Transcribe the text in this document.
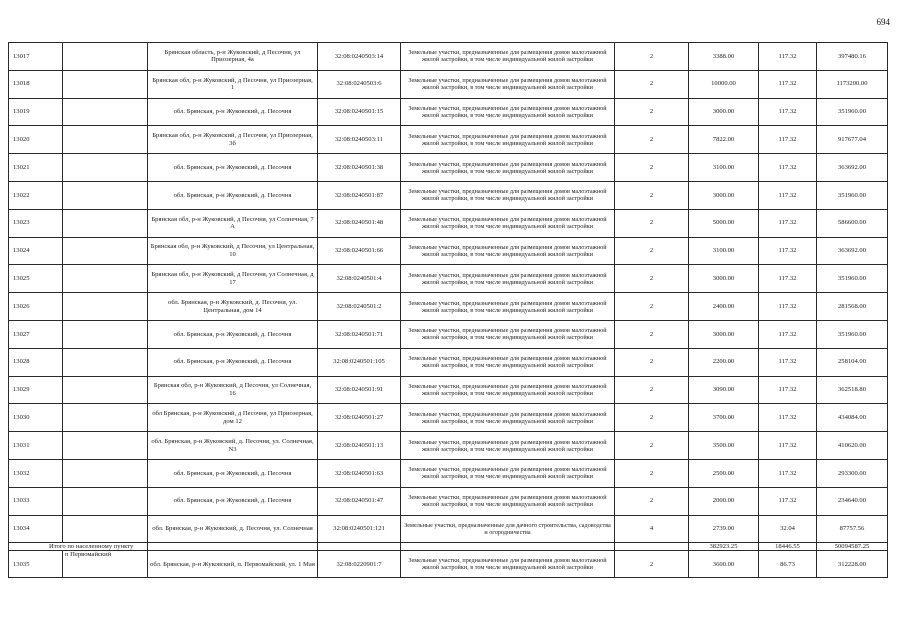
694
13017		Брянская область, р-н Жуковский, д Песочня, ул Приозерная, 4а	32:08:0240503:14	Земельные участки, предназначенные для размещения домов малоэтажной жилой застройки, в том числе индивидуальной жилой застройки	2	3388.00	117.32	397480.16
13018		Брянская обл, р-н Жуковский, д Песочня, ул Приозерная, 1	32:08:0240503:6	Земельные участки, предназначенные для размещения домов малоэтажной жилой застройки, в том числе индивидуальной жилой застройки	2	10000.00	117.32	1173200.00
13019		обл. Брянская, р-н Жуковский, д. Песочня	32:08:0240501:15	Земельные участки, предназначенные для размещения домов малоэтажной жилой застройки, в том числе индивидуальной жилой застройки	2	3000.00	117.32	351960.00
13020		Брянская обл, р-н Жуковский, д Песочня, ул Приозерная, 3б	32:08:0240503:11	Земельные участки, предназначенные для размещения домов малоэтажной жилой застройки, в том числе индивидуальной жилой застройки	2	7822.00	117.32	917677.04
13021		обл. Брянская, р-н Жуковский, д. Песочня	32:08:0240501:38	Земельные участки, предназначенные для размещения домов малоэтажной жилой застройки, в том числе индивидуальной жилой застройки	2	3100.00	117.32	363692.00
13022		обл. Брянская, р-н Жуковский, д. Песочня	32:08:0240501:87	Земельные участки, предназначенные для размещения домов малоэтажной жилой застройки, в том числе индивидуальной жилой застройки	2	3000.00	117.32	351960.00
13023		Брянская обл, р-н Жуковский, д Песочня, ул Солнечная, 7 А	32:08:0240501:48	Земельные участки, предназначенные для размещения домов малоэтажной жилой застройки, в том числе индивидуальной жилой застройки	2	5000.00	117.32	586600.00
13024		Брянская обл, р-н Жуковский, д Песочня, ул Центральная, 10	32:08:0240501:66	Земельные участки, предназначенные для размещения домов малоэтажной жилой застройки, в том числе индивидуальной жилой застройки	2	3100.00	117.32	363692.00
13025		Брянская обл, р-н Жуковский, д Песочня, ул Солнечная, д 17	32:08:0240501:4	Земельные участки, предназначенные для размещения домов малоэтажной жилой застройки, в том числе индивидуальной жилой застройки	2	3000.00	117.32	351960.00
13026		обл. Брянская, р-н Жуковский, д. Песочня, ул. Центральная, дом 14	32:08:0240501:2	Земельные участки, предназначенные для размещения домов малоэтажной жилой застройки, в том числе индивидуальной жилой застройки	2	2400.00	117.32	281568.00
13027		обл. Брянская, р-н Жуковский, д. Песочня	32:08:0240501:71	Земельные участки, предназначенные для размещения домов малоэтажной жилой застройки, в том числе индивидуальной жилой застройки	2	3000.00	117.32	351960.00
13028		обл. Брянская, р-н Жуковский, д. Песочня	32:08:0240501:105	Земельные участки, предназначенные для размещения домов малоэтажной жилой застройки, в том числе индивидуальной жилой застройки	2	2200.00	117.32	258104.00
13029		Брянская обл, р-н Жуковский, д Песочня, ул Солнечная, 16	32:08:0240501:91	Земельные участки, предназначенные для размещения домов малоэтажной жилой застройки, в том числе индивидуальной жилой застройки	2	3090.00	117.32	362518.80
13030		обл Брянская, р-н Жуковский, д Песочня, ул Приозерная, дом 12	32:08:0240501:27	Земельные участки, предназначенные для размещения домов малоэтажной жилой застройки, в том числе индивидуальной жилой застройки	2	3700.00	117.32	434084.00
13031		обл. Брянская, р-н Жуковский, д. Песочня, ул. Солнечная, N3	32:08:0240501:13	Земельные участки, предназначенные для размещения домов малоэтажной жилой застройки, в том числе индивидуальной жилой застройки	2	3500.00	117.32	410620.00
13032		обл. Брянская, р-н Жуковский, д. Песочня	32:08:0240501:63	Земельные участки, предназначенные для размещения домов малоэтажной жилой застройки, в том числе индивидуальной жилой застройки	2	2500.00	117.32	293300.00
13033		обл. Брянская, р-н Жуковский, д. Песочня	32:08:0240501:47	Земельные участки, предназначенные для размещения домов малоэтажной жилой застройки, в том числе индивидуальной жилой застройки	2	2000.00	117.32	234640.00
13034		обл. Брянская, р-н Жуковский, д. Песочня, ул. Солнечная	32:08:0240501:121	Земельные участки, предназначенные для дачного строительства, садоводства и огородничества	4	2739.00	32.04	87757.56
Итого по населенному пункту						382923.25	18446.55	50094587.25
13035	п Первомайский	обл. Брянская, р-н Жуковский, п. Первомайский, ул. 1 Мая	32:08:0220901:7	Земельные участки, предназначенные для размещения домов малоэтажной жилой застройки, в том числе индивидуальной жилой застройки	2	3600.00	86.73	312228.00
